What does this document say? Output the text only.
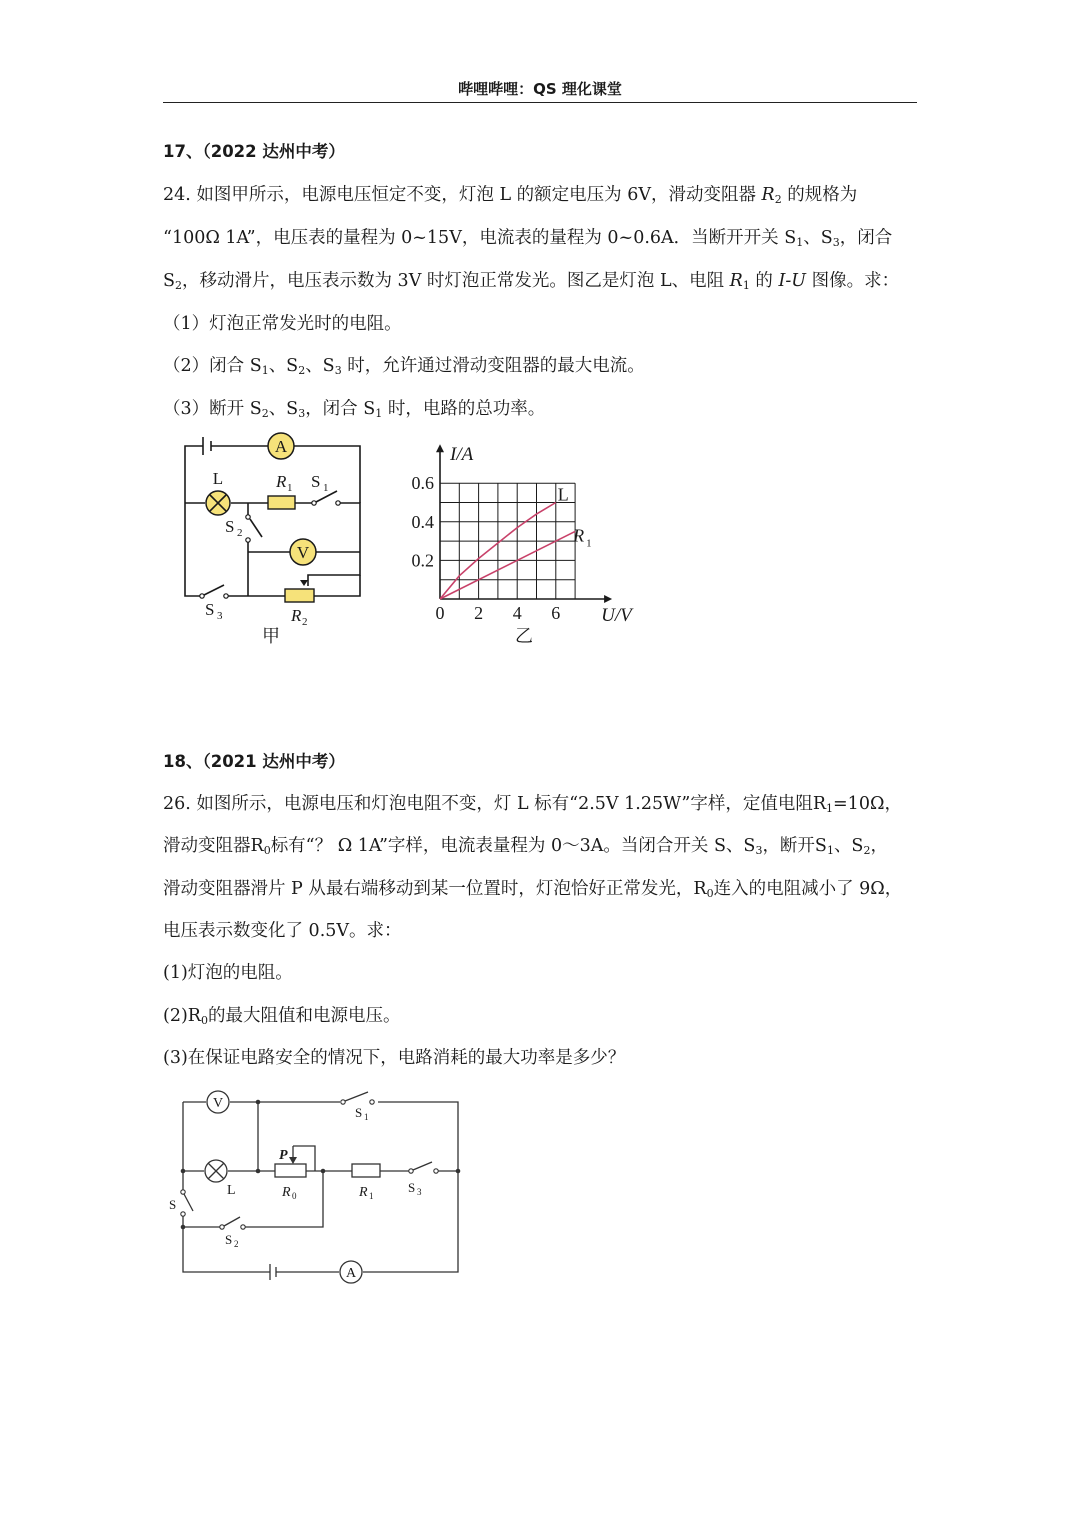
哔哩哔哩：QS 理化课堂
17、（2022 达州中考）
24. 如图甲所示，电源电压恒定不变，灯泡 L 的额定电压为 6V，滑动变阻器 $R_2$ 的规格为
“100Ω 1A”，电压表的量程为 0~15V，电流表的量程为 0~0.6A．当断开开关 $S_1$、$S_3$，闭合
$S_2$，移动滑片，电压表示数为 3V 时灯泡正常发光。图乙是灯泡 L、电阻 $R_1$ 的 I-U 图像。求：
（1）灯泡正常发光时的电阻。
（2）闭合 $S_1$、$S_2$、$S_3$ 时，允许通过滑动变阻器的最大电流。
（3）断开 $S_2$、$S_3$，闭合 $S_1$ 时，电路的总功率。
A
L	R 1 S 1
S 2
V
S 3	R 2
甲
0 2 4 6
0.2
0.4
0.6
I/A
U/V
L
R 1
乙
18、（2021 达州中考）
26. 如图所示，电源电压和灯泡电阻不变，灯 L 标有“2.5V 1.25W”字样，定值电阻$R_1=10\Omega$，
滑动变阻器$R_0$标有“？ Ω 1A”字样，电流表量程为 0～3A。当闭合开关 S、$S_3$，断开$S_1$、$S_2$，
滑动变阻器滑片 P 从最右端移动到某一位置时，灯泡恰好正常发光，$R_0$连入的电阻减小了 9Ω，
电压表示数变化了 0.5V。求：
(1)灯泡的电阻。
$(2)R_0$的最大阻值和电源电压。
(3)在保证电路安全的情况下，电路消耗的最大功率是多少？
V
S 1
L
P
R 0	R 1
S 3
S
S 2
A
